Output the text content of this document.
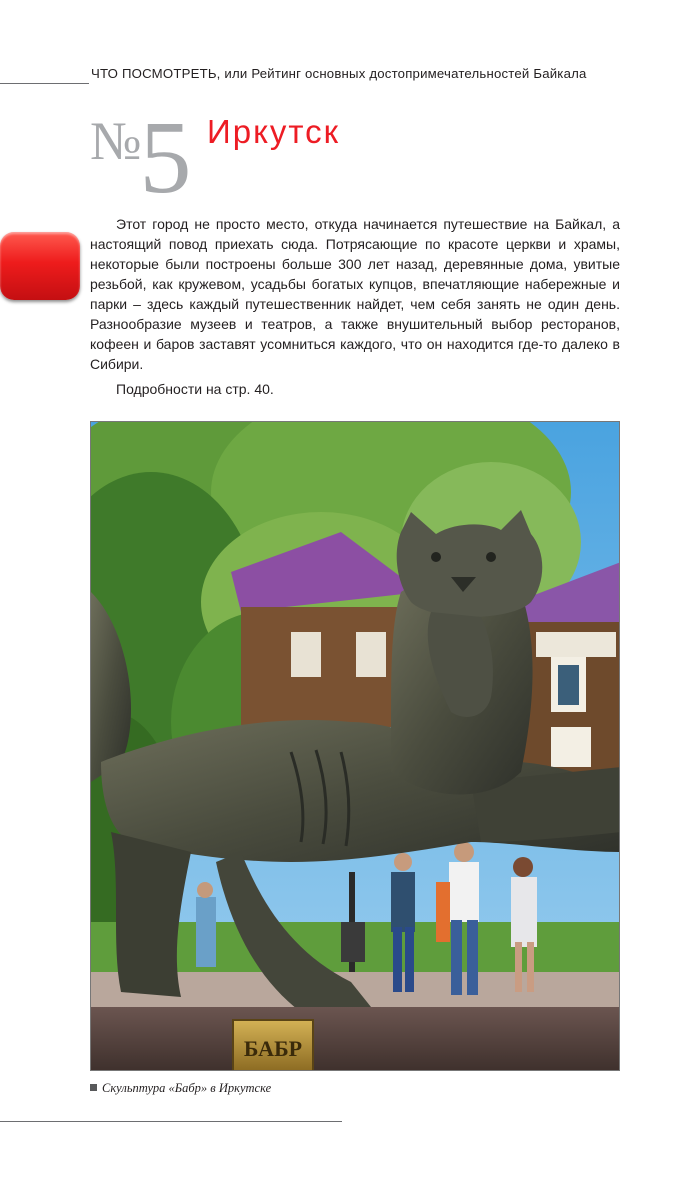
ЧТО ПОСМОТРЕТЬ, или Рейтинг основных достопримечательностей Байкала
№5 Иркутск

Этот город не просто место, откуда начинается путешествие на Байкал, а настоящий повод приехать сюда. Потрясающие по красоте церкви и храмы, некоторые были построены больше 300 лет назад, деревянные дома, увитые резьбой, как кружевом, усадьбы богатых купцов, впечатляющие набережные и парки – здесь каждый путешественник найдет, чем себя занять не один день. Разнообразие музеев и театров, а также внушительный выбор ресторанов, кофеен и баров заставят усомниться каждого, что он находится где-то далеко в Сибири.

Подробности на стр. 40.

БАБР
Скульптура «Бабр» в Иркутске
